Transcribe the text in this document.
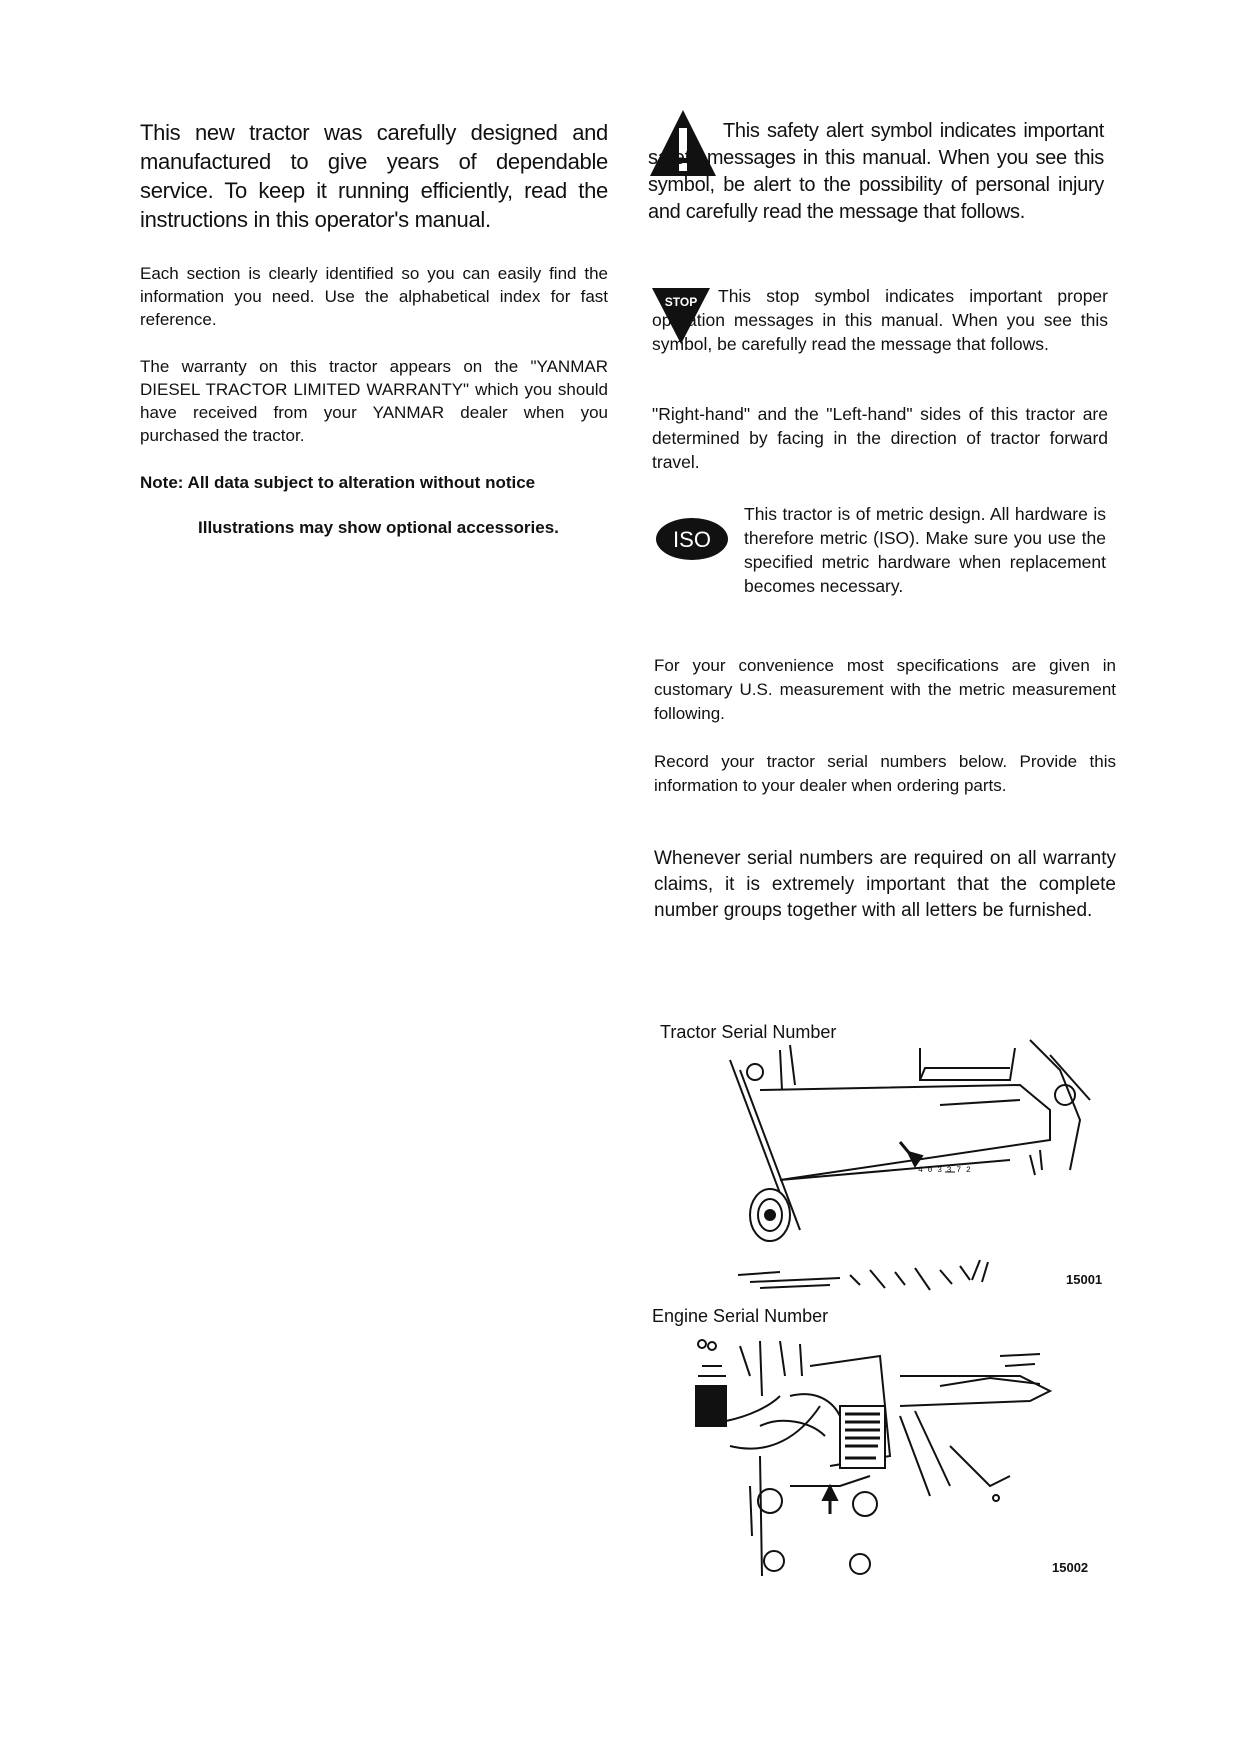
This new tractor was carefully designed and manufactured to give years of dependable service. To keep it running efficiently, read the instructions in this operator's manual.

Each section is clearly identified so you can easily find the information you need. Use the alphabetical index for fast reference.

The warranty on this tractor appears on the "YANMAR DIESEL TRACTOR LIMITED WARRANTY" which you should have received from your YANMAR dealer when you purchased the tractor.

Note: All data subject to alteration without notice

Illustrations may show optional accessories.

This safety alert symbol indicates important safety messages in this manual. When you see this symbol, be alert to the possibility of personal injury and carefully read the message that follows.

STOP	This stop symbol indicates important proper operation messages in this manual. When you see this symbol, be carefully read the message that follows.

"Right-hand" and the "Left-hand" sides of this tractor are determined by facing in the direction of tractor forward travel.

ISO

This tractor is of metric design. All hardware is therefore metric (ISO). Make sure you use the specified metric hardware when replacement becomes necessary.

For your convenience most specifications are given in customary U.S. measurement with the metric measurement following.

Record your tractor serial numbers below. Provide this information to your dealer when ordering parts.

Whenever serial numbers are required on all warranty claims, it is extremely important that the complete number groups together with all letters be furnished.

Tractor Serial Number
4 0 3 3 7 2
15001
Engine Serial Number
15002
